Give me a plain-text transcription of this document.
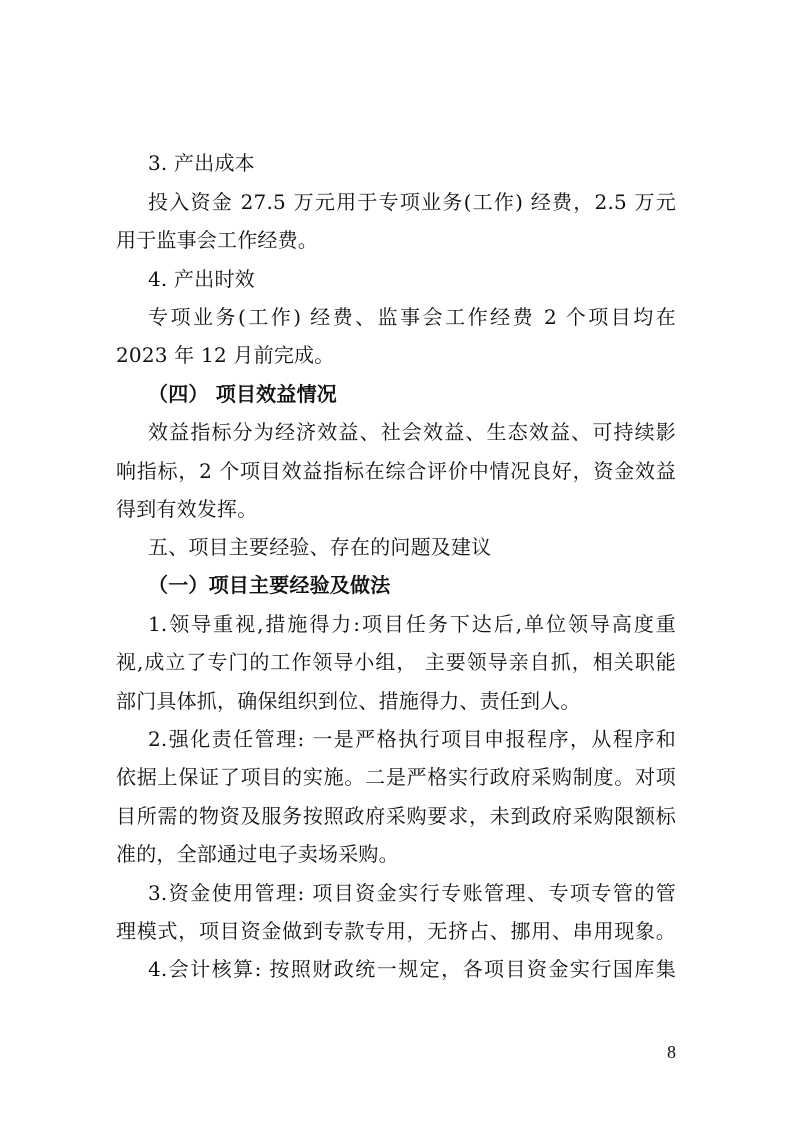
3. 产出成本
投入资金 27.5 万元用于专项业务(工作) 经费，2.5 万元
用于监事会工作经费。
4. 产出时效
专项业务(工作) 经费、监事会工作经费 2 个项目均在
2023 年 12 月前完成。
（四） 项目效益情况
效益指标分为经济效益、社会效益、生态效益、可持续影
响指标，2 个项目效益指标在综合评价中情况良好，资金效益
得到有效发挥。
五、项目主要经验、存在的问题及建议
（一）项目主要经验及做法
1.领导重视,措施得力:项目任务下达后,单位领导高度重
视,成立了专门的工作领导小组， 主要领导亲自抓，相关职能
部门具体抓，确保组织到位、措施得力、责任到人。
2.强化责任管理: 一是严格执行项目申报程序，从程序和
依据上保证了项目的实施。二是严格实行政府采购制度。对项
目所需的物资及服务按照政府采购要求，未到政府采购限额标
准的，全部通过电子卖场采购。
3.资金使用管理: 项目资金实行专账管理、专项专管的管
理模式，项目资金做到专款专用，无挤占、挪用、串用现象。
4.会计核算: 按照财政统一规定，各项目资金实行国库集
8
